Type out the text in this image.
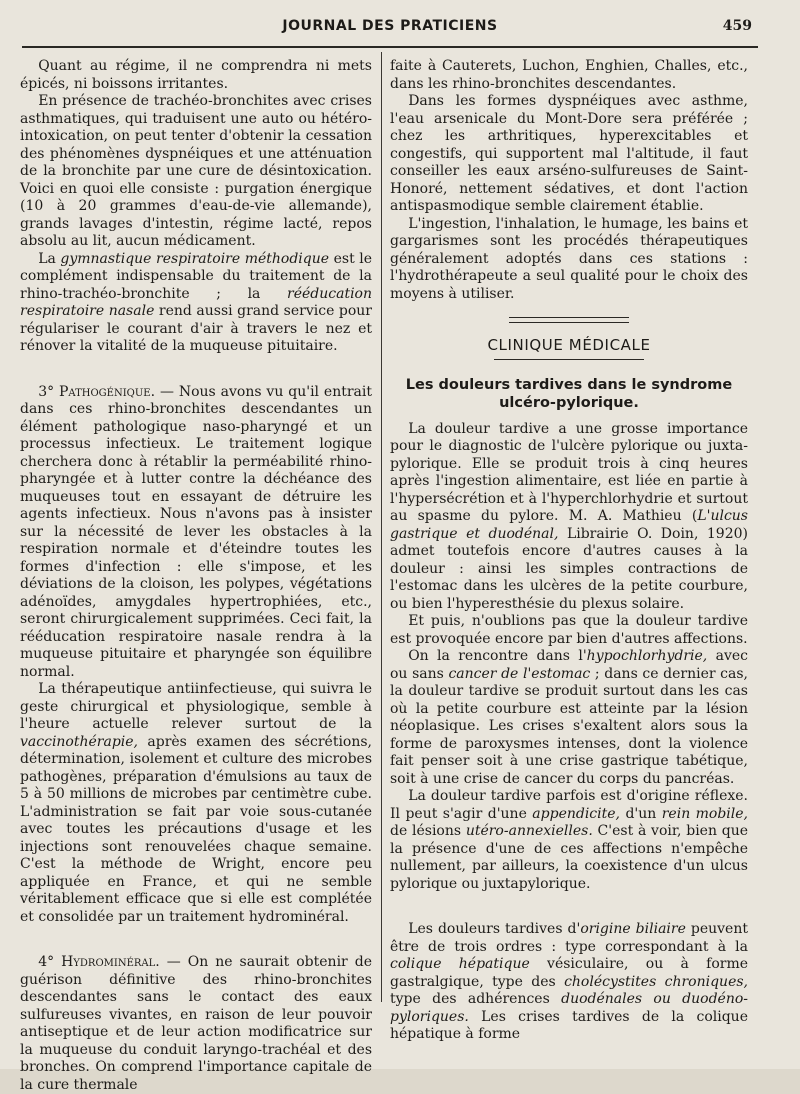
JOURNAL DES PRATICIENS	459

Quant au régime, il ne comprendra ni mets épicés, ni boissons irritantes.

En présence de trachéo-bronchites avec crises asthmatiques, qui traduisent une auto ou hétéro-intoxication, on peut tenter d'obtenir la cessation des phénomènes dyspnéiques et une atténuation de la bronchite par une cure de désintoxication. Voici en quoi elle consiste : purgation énergique (10 à 20 grammes d'eau-de-vie allemande), grands lavages d'intestin, régime lacté, repos absolu au lit, aucun médicament.

La gymnastique respiratoire méthodique est le complément indispensable du traitement de la rhino-trachéo-bronchite ; la rééducation respiratoire nasale rend aussi grand service pour régulariser le courant d'air à travers le nez et rénover la vitalité de la muqueuse pituitaire.

3° Pathogénique. — Nous avons vu qu'il entrait dans ces rhino-bronchites descendantes un élément pathologique naso-pharyngé et un processus infectieux. Le traitement logique cherchera donc à rétablir la perméabilité rhino-pharyngée et à lutter contre la déchéance des muqueuses tout en essayant de détruire les agents infectieux. Nous n'avons pas à insister sur la nécessité de lever les obstacles à la respiration normale et d'éteindre toutes les formes d'infection : elle s'impose, et les déviations de la cloison, les polypes, végétations adénoïdes, amygdales hypertrophiées, etc., seront chirurgicalement supprimées. Ceci fait, la rééducation respiratoire nasale rendra à la muqueuse pituitaire et pharyngée son équilibre normal.

La thérapeutique antiinfectieuse, qui suivra le geste chirurgical et physiologique, semble à l'heure actuelle relever surtout de la vaccinothérapie, après examen des sécrétions, détermination, isolement et culture des microbes pathogènes, préparation d'émulsions au taux de 5 à 50 millions de microbes par centimètre cube. L'administration se fait par voie sous-cutanée avec toutes les précautions d'usage et les injections sont renouvelées chaque semaine. C'est la méthode de Wright, encore peu appliquée en France, et qui ne semble véritablement efficace que si elle est complétée et consolidée par un traitement hydrominéral.

4° Hydrominéral. — On ne saurait obtenir de guérison définitive des rhino-bronchites descendantes sans le contact des eaux sulfureuses vivantes, en raison de leur pouvoir antiseptique et de leur action modificatrice sur la muqueuse du conduit laryngo-trachéal et des bronches. On comprend l'importance capitale de la cure thermale

faite à Cauterets, Luchon, Enghien, Challes, etc., dans les rhino-bronchites descendantes.

Dans les formes dyspnéiques avec asthme, l'eau arsenicale du Mont-Dore sera préférée ; chez les arthritiques, hyperexcitables et congestifs, qui supportent mal l'altitude, il faut conseiller les eaux arséno-sulfureuses de Saint-Honoré, nettement sédatives, et dont l'action antispasmodique semble clairement établie.

L'ingestion, l'inhalation, le humage, les bains et gargarismes sont les procédés thérapeutiques généralement adoptés dans ces stations : l'hydrothérapeute a seul qualité pour le choix des moyens à utiliser.

CLINIQUE MÉDICALE
Les douleurs tardives dans le syndrome ulcéro-pylorique.

La douleur tardive a une grosse importance pour le diagnostic de l'ulcère pylorique ou juxta-pylorique. Elle se produit trois à cinq heures après l'ingestion alimentaire, est liée en partie à l'hypersécrétion et à l'hyperchlorhydrie et surtout au spasme du pylore. M. A. Mathieu (L'ulcus gastrique et duodénal, Librairie O. Doin, 1920) admet toutefois encore d'autres causes à la douleur : ainsi les simples contractions de l'estomac dans les ulcères de la petite courbure, ou bien l'hyperesthésie du plexus solaire.

Et puis, n'oublions pas que la douleur tardive est provoquée encore par bien d'autres affections.

On la rencontre dans l'hypochlorhydrie, avec ou sans cancer de l'estomac ; dans ce dernier cas, la douleur tardive se produit surtout dans les cas où la petite courbure est atteinte par la lésion néoplasique. Les crises s'exaltent alors sous la forme de paroxysmes intenses, dont la violence fait penser soit à une crise gastrique tabétique, soit à une crise de cancer du corps du pancréas.

La douleur tardive parfois est d'origine réflexe. Il peut s'agir d'une appendicite, d'un rein mobile, de lésions utéro-annexielles. C'est à voir, bien que la présence d'une de ces affections n'empêche nullement, par ailleurs, la coexistence d'un ulcus pylorique ou juxtapylorique.

Les douleurs tardives d'origine biliaire peuvent être de trois ordres : type correspondant à la colique hépatique vésiculaire, ou à forme gastralgique, type des cholécystites chroniques, type des adhérences duodénales ou duodéno-pyloriques. Les crises tardives de la colique hépatique à forme
